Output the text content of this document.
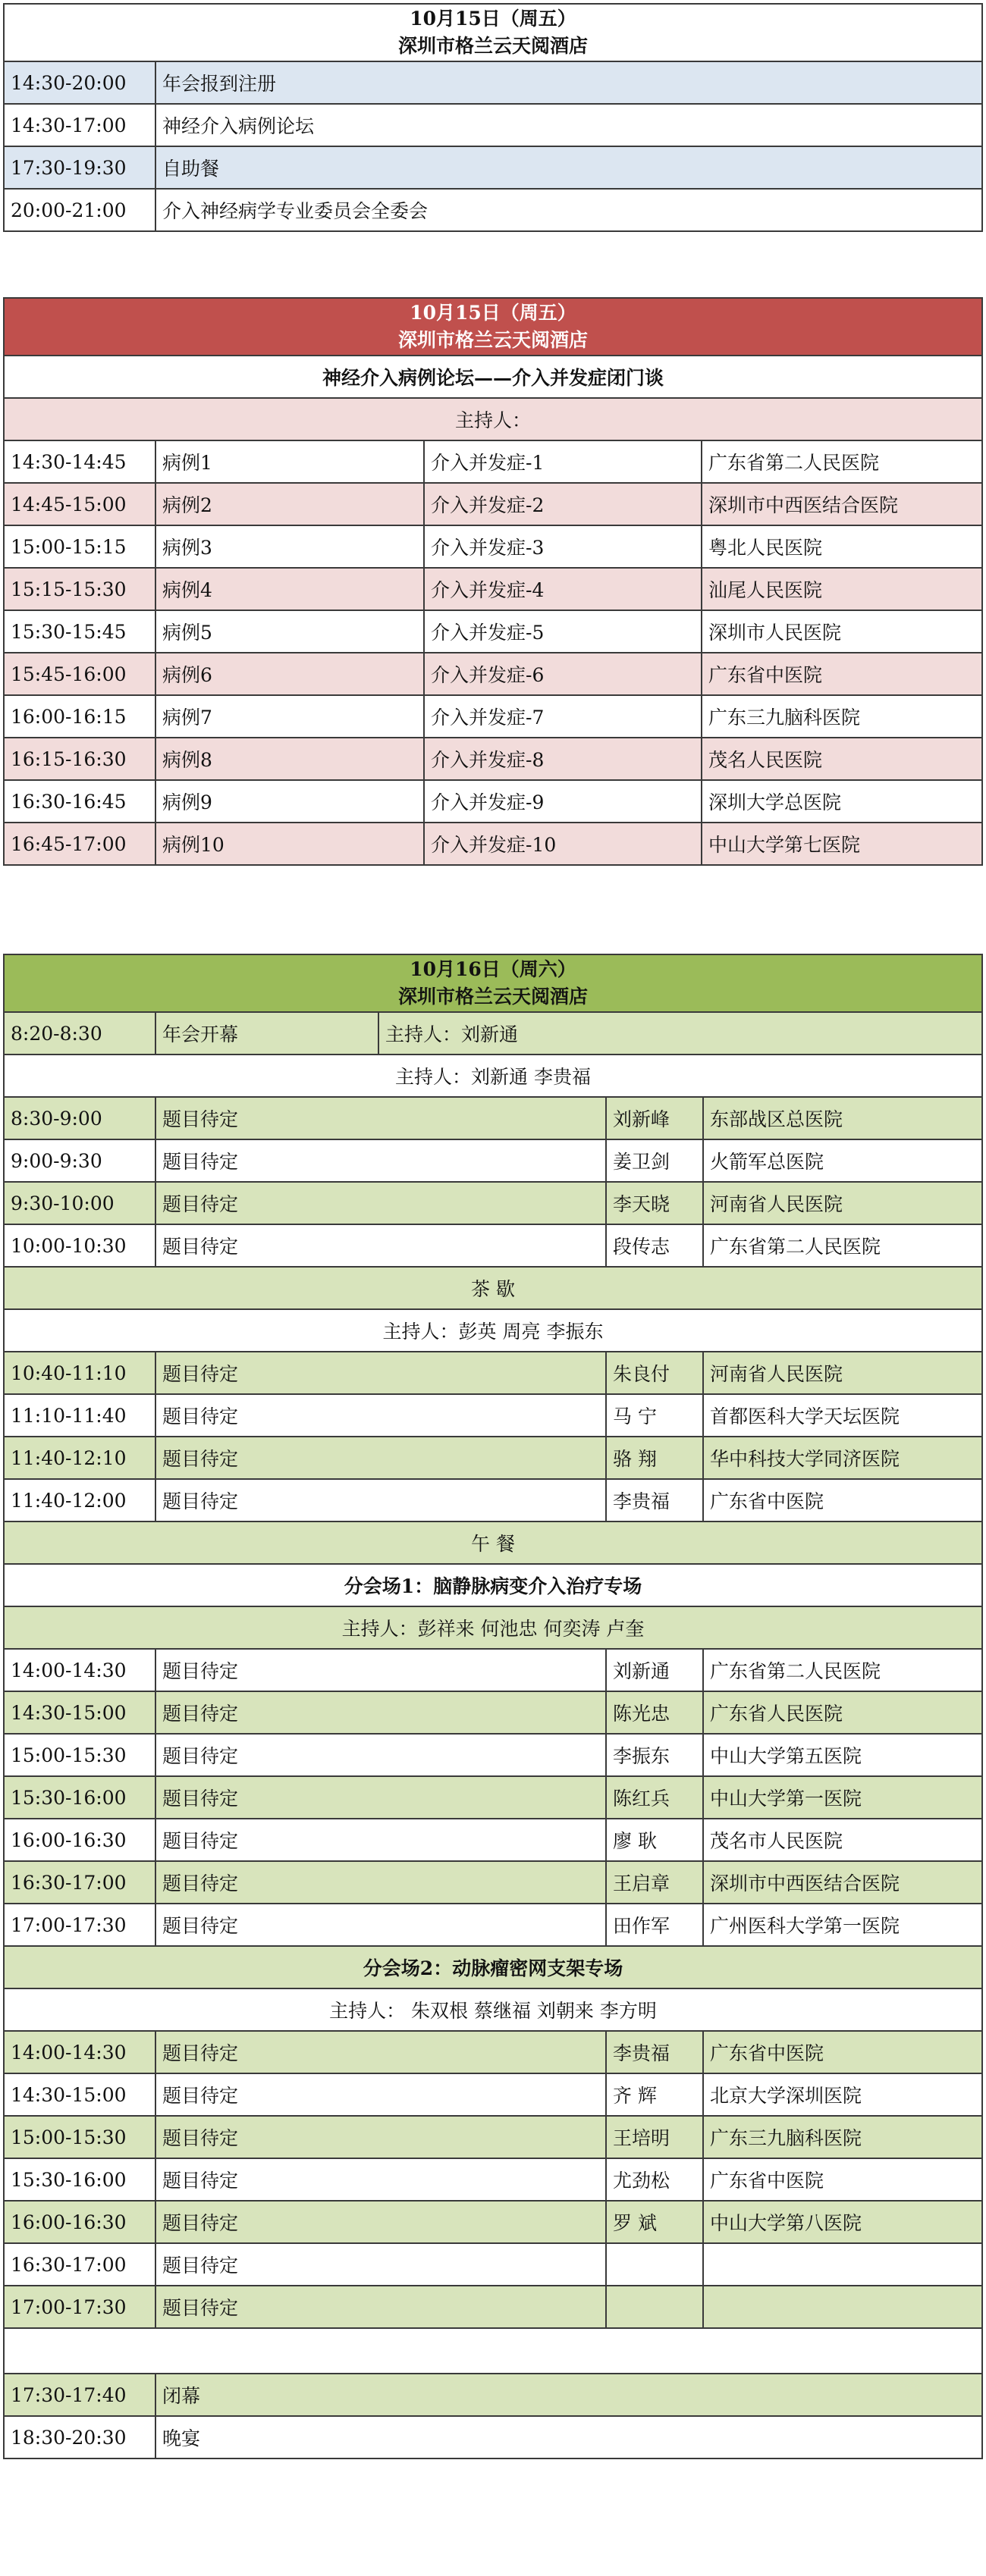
10月15日（周五）
深圳市格兰云天阅酒店	

14:30-20:00	年会报到注册
14:30-17:00	神经介入病例论坛
17:30-19:30	自助餐
20:00-21:00	介入神经病学专业委员会全委会
10月15日（周五）
深圳市格兰云天阅酒店			

神经介入病例论坛——介入并发症闭门谈			
主持人：			
14:30-14:45	病例1	介入并发症-1	广东省第二人民医院
14:45-15:00	病例2	介入并发症-2	深圳市中西医结合医院
15:00-15:15	病例3	介入并发症-3	粤北人民医院
15:15-15:30	病例4	介入并发症-4	汕尾人民医院
15:30-15:45	病例5	介入并发症-5	深圳市人民医院
15:45-16:00	病例6	介入并发症-6	广东省中医院
16:00-16:15	病例7	介入并发症-7	广东三九脑科医院
16:15-16:30	病例8	介入并发症-8	茂名人民医院
16:30-16:45	病例9	介入并发症-9	深圳大学总医院
16:45-17:00	病例10	介入并发症-10	中山大学第七医院
10月16日（周六）
深圳市格兰云天阅酒店				

8:20-8:30	年会开幕	主持人：刘新通		
主持人：刘新通 李贵福				
8:30-9:00	题目待定		刘新峰	东部战区总医院
9:00-9:30	题目待定		姜卫剑	火箭军总医院
9:30-10:00	题目待定		李天晓	河南省人民医院
10:00-10:30	题目待定		段传志	广东省第二人民医院
茶 歇				
主持人：彭英 周亮 李振东				
10:40-11:10	题目待定		朱良付	河南省人民医院
11:10-11:40	题目待定		马 宁	首都医科大学天坛医院
11:40-12:10	题目待定		骆 翔	华中科技大学同济医院
11:40-12:00	题目待定		李贵福	广东省中医院
午 餐				
分会场1：脑静脉病变介入治疗专场				
主持人：彭祥来 何池忠 何奕涛 卢奎				
14:00-14:30	题目待定		刘新通	广东省第二人民医院
14:30-15:00	题目待定		陈光忠	广东省人民医院
15:00-15:30	题目待定		李振东	中山大学第五医院
15:30-16:00	题目待定		陈红兵	中山大学第一医院
16:00-16:30	题目待定		廖 耿	茂名市人民医院
16:30-17:00	题目待定		王启章	深圳市中西医结合医院
17:00-17:30	题目待定		田作军	广州医科大学第一医院
分会场2：动脉瘤密网支架专场				
主持人： 朱双根 蔡继福 刘朝来 李方明				
14:00-14:30	题目待定		李贵福	广东省中医院
14:30-15:00	题目待定		齐 辉	北京大学深圳医院
15:00-15:30	题目待定		王培明	广东三九脑科医院
15:30-16:00	题目待定		尤劲松	广东省中医院
16:00-16:30	题目待定		罗 斌	中山大学第八医院
16:30-17:00	题目待定			
17:00-17:30	题目待定			

17:30-17:40	闭幕			
18:30-20:30	晚宴			
